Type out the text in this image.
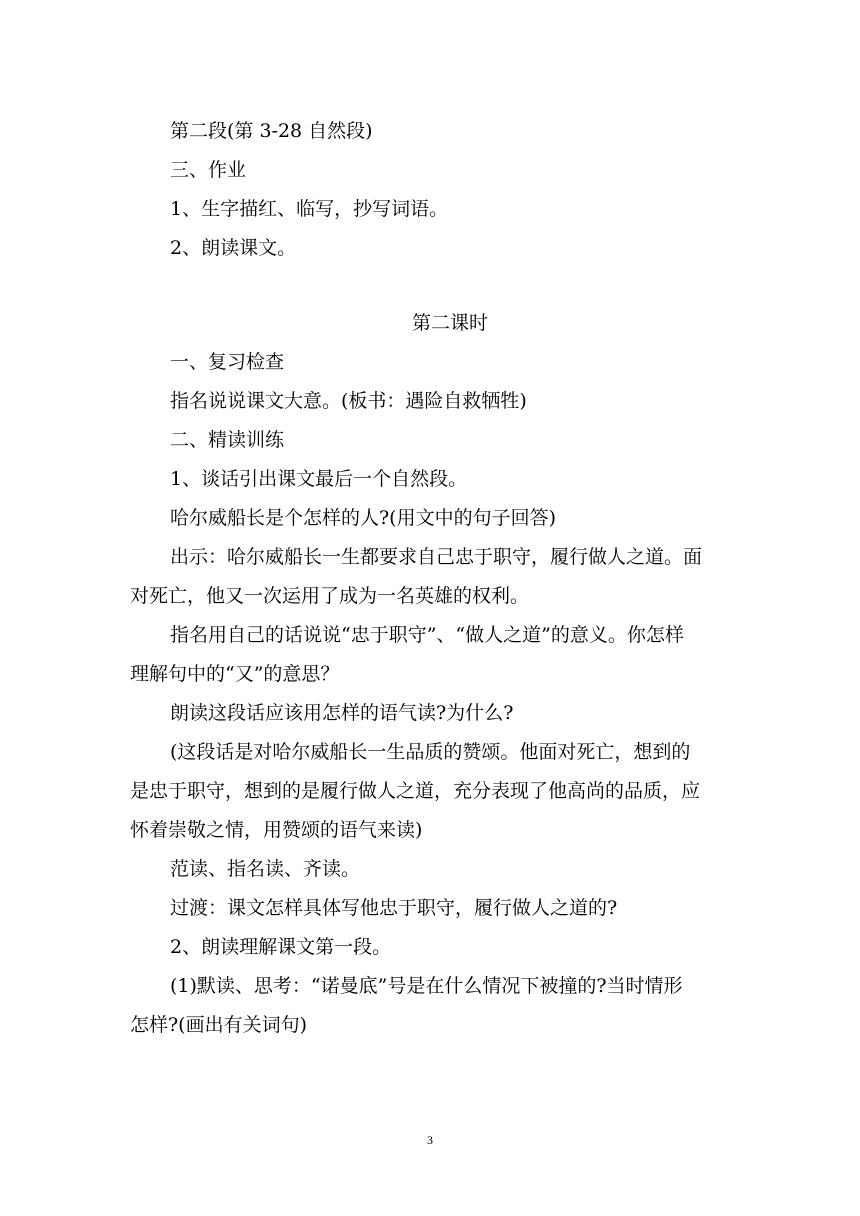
第二段(第 3-28 自然段)
三、作业
1、生字描红、临写，抄写词语。
2、朗读课文。
第二课时
一、复习检查
指名说说课文大意。(板书：遇险自救牺牲)
二、精读训练
1、谈话引出课文最后一个自然段。
哈尔威船长是个怎样的人?(用文中的句子回答)
出示：哈尔威船长一生都要求自己忠于职守，履行做人之道。面
对死亡，他又一次运用了成为一名英雄的权利。
指名用自己的话说说“忠于职守”、“做人之道”的意义。你怎样
理解句中的“又”的意思？
朗读这段话应该用怎样的语气读?为什么?
(这段话是对哈尔威船长一生品质的赞颂。他面对死亡，想到的
是忠于职守，想到的是履行做人之道，充分表现了他高尚的品质，应
怀着崇敬之情，用赞颂的语气来读)
范读、指名读、齐读。
过渡：课文怎样具体写他忠于职守，履行做人之道的?
2、朗读理解课文第一段。
(1)默读、思考：“诺曼底”号是在什么情况下被撞的?当时情形
怎样?(画出有关词句)
3
